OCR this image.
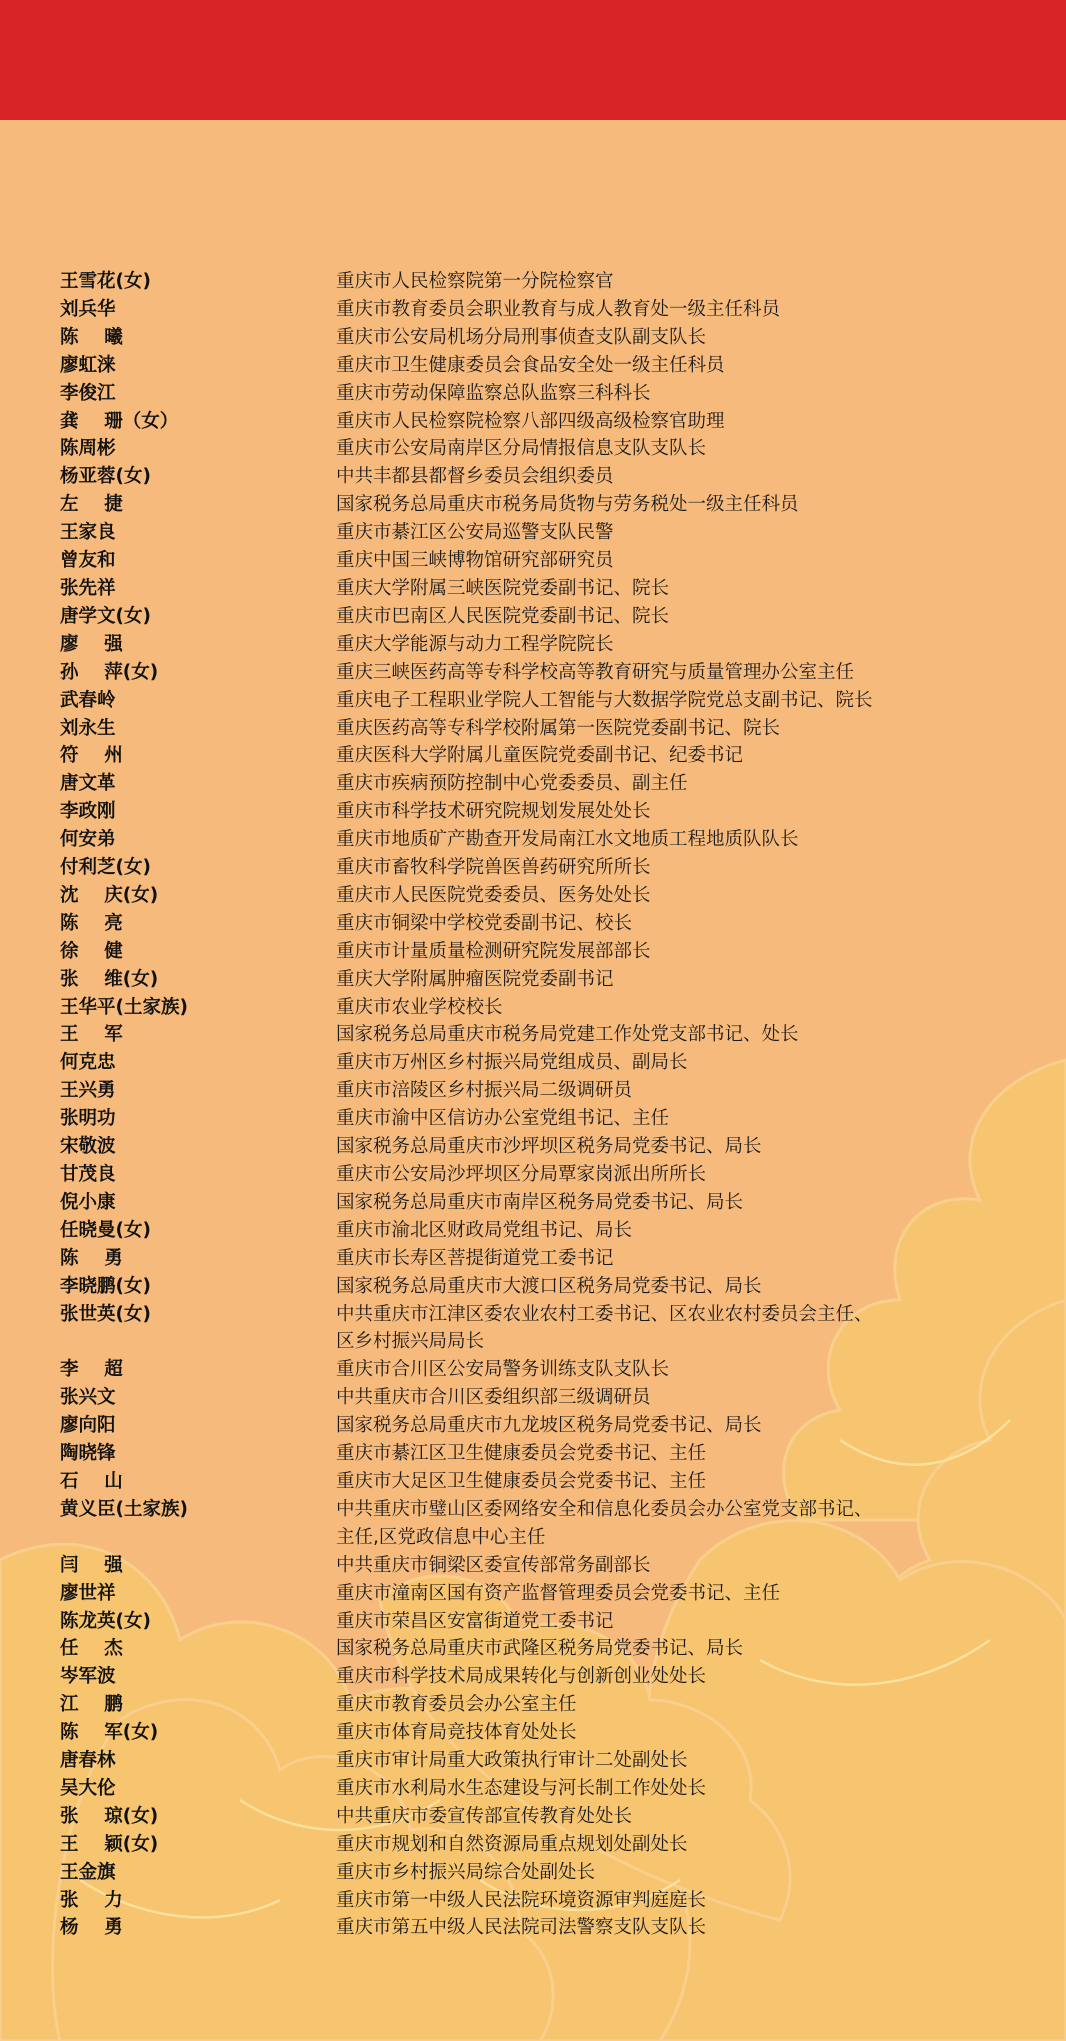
王雪花(女)	重庆市人民检察院第一分院检察官
刘兵华	重庆市教育委员会职业教育与成人教育处一级主任科员
陈    曦	重庆市公安局机场分局刑事侦查支队副支队长
廖虹涞	重庆市卫生健康委员会食品安全处一级主任科员
李俊江	重庆市劳动保障监察总队监察三科科长
龚    珊（女）	重庆市人民检察院检察八部四级高级检察官助理
陈周彬	重庆市公安局南岸区分局情报信息支队支队长
杨亚蓉(女)	中共丰都县都督乡委员会组织委员
左    捷	国家税务总局重庆市税务局货物与劳务税处一级主任科员
王家良	重庆市綦江区公安局巡警支队民警
曾友和	重庆中国三峡博物馆研究部研究员
张先祥	重庆大学附属三峡医院党委副书记、院长
唐学文(女)	重庆市巴南区人民医院党委副书记、院长
廖    强	重庆大学能源与动力工程学院院长
孙    萍(女)	重庆三峡医药高等专科学校高等教育研究与质量管理办公室主任
武春岭	重庆电子工程职业学院人工智能与大数据学院党总支副书记、院长
刘永生	重庆医药高等专科学校附属第一医院党委副书记、院长
符    州	重庆医科大学附属儿童医院党委副书记、纪委书记
唐文革	重庆市疾病预防控制中心党委委员、副主任
李政刚	重庆市科学技术研究院规划发展处处长
何安弟	重庆市地质矿产勘查开发局南江水文地质工程地质队队长
付利芝(女)	重庆市畜牧科学院兽医兽药研究所所长
沈    庆(女)	重庆市人民医院党委委员、医务处处长
陈    亮	重庆市铜梁中学校党委副书记、校长
徐    健	重庆市计量质量检测研究院发展部部长
张    维(女)	重庆大学附属肿瘤医院党委副书记
王华平(土家族)	重庆市农业学校校长
王    军	国家税务总局重庆市税务局党建工作处党支部书记、处长
何克忠	重庆市万州区乡村振兴局党组成员、副局长
王兴勇	重庆市涪陵区乡村振兴局二级调研员
张明功	重庆市渝中区信访办公室党组书记、主任
宋敬波	国家税务总局重庆市沙坪坝区税务局党委书记、局长
甘茂良	重庆市公安局沙坪坝区分局覃家岗派出所所长
倪小康	国家税务总局重庆市南岸区税务局党委书记、局长
任晓曼(女)	重庆市渝北区财政局党组书记、局长
陈    勇	重庆市长寿区菩提街道党工委书记
李晓鹏(女)	国家税务总局重庆市大渡口区税务局党委书记、局长
张世英(女)	中共重庆市江津区委农业农村工委书记、区农业农村委员会主任、
区乡村振兴局局长
李    超	重庆市合川区公安局警务训练支队支队长
张兴文	中共重庆市合川区委组织部三级调研员
廖向阳	国家税务总局重庆市九龙坡区税务局党委书记、局长
陶晓锋	重庆市綦江区卫生健康委员会党委书记、主任
石    山	重庆市大足区卫生健康委员会党委书记、主任
黄义臣(土家族)	中共重庆市璧山区委网络安全和信息化委员会办公室党支部书记、
主任,区党政信息中心主任
闫    强	中共重庆市铜梁区委宣传部常务副部长
廖世祥	重庆市潼南区国有资产监督管理委员会党委书记、主任
陈龙英(女)	重庆市荣昌区安富街道党工委书记
任    杰	国家税务总局重庆市武隆区税务局党委书记、局长
岑军波	重庆市科学技术局成果转化与创新创业处处长
江    鹏	重庆市教育委员会办公室主任
陈    军(女)	重庆市体育局竞技体育处处长
唐春林	重庆市审计局重大政策执行审计二处副处长
吴大伦	重庆市水利局水生态建设与河长制工作处处长
张    琼(女)	中共重庆市委宣传部宣传教育处处长
王    颖(女)	重庆市规划和自然资源局重点规划处副处长
王金旗	重庆市乡村振兴局综合处副处长
张    力	重庆市第一中级人民法院环境资源审判庭庭长
杨    勇	重庆市第五中级人民法院司法警察支队支队长
